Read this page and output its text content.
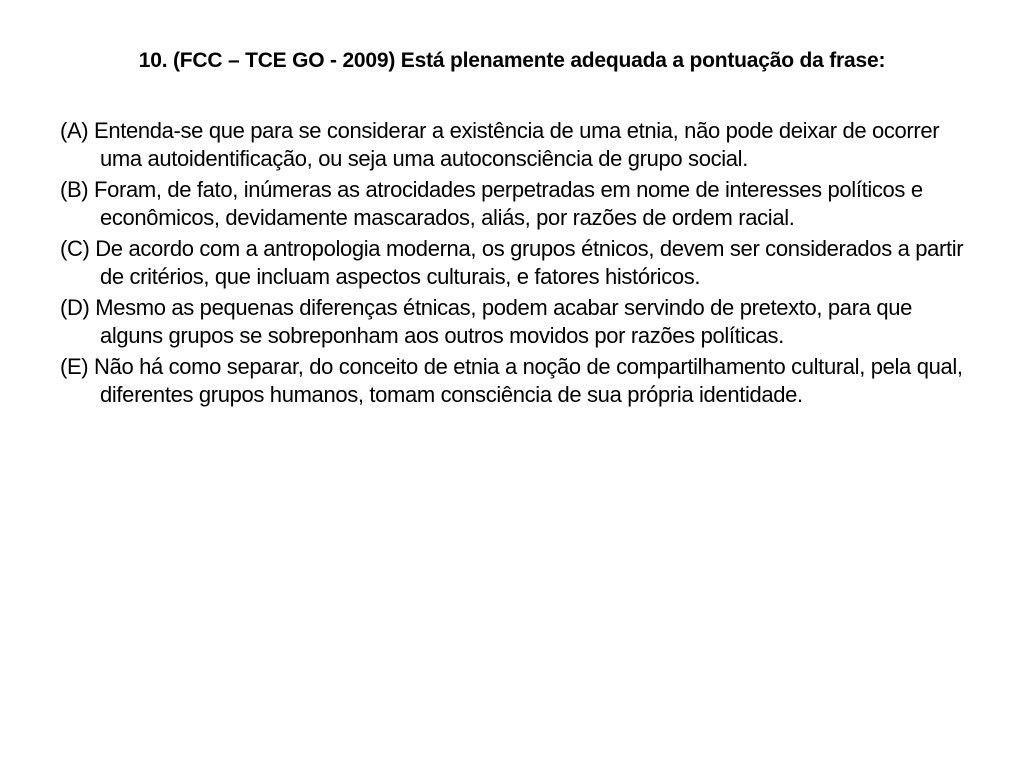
10. (FCC – TCE GO - 2009) Está plenamente adequada a pontuação da frase:
(A) Entenda-se que para se considerar a existência de uma etnia, não pode deixar de ocorrer uma autoidentificação, ou seja uma autoconsciência de grupo social.
(B) Foram, de fato, inúmeras as atrocidades perpetradas em nome de interesses políticos e econômicos, devidamente mascarados, aliás, por razões de ordem racial.
(C) De acordo com a antropologia moderna, os grupos étnicos, devem ser considerados a partir de critérios, que incluam aspectos culturais, e fatores históricos.
(D) Mesmo as pequenas diferenças étnicas, podem acabar servindo de pretexto, para que alguns grupos se sobreponham aos outros movidos por razões políticas.
(E) Não há como separar, do conceito de etnia a noção de compartilhamento cultural, pela qual, diferentes grupos humanos, tomam consciência de sua própria identidade.
